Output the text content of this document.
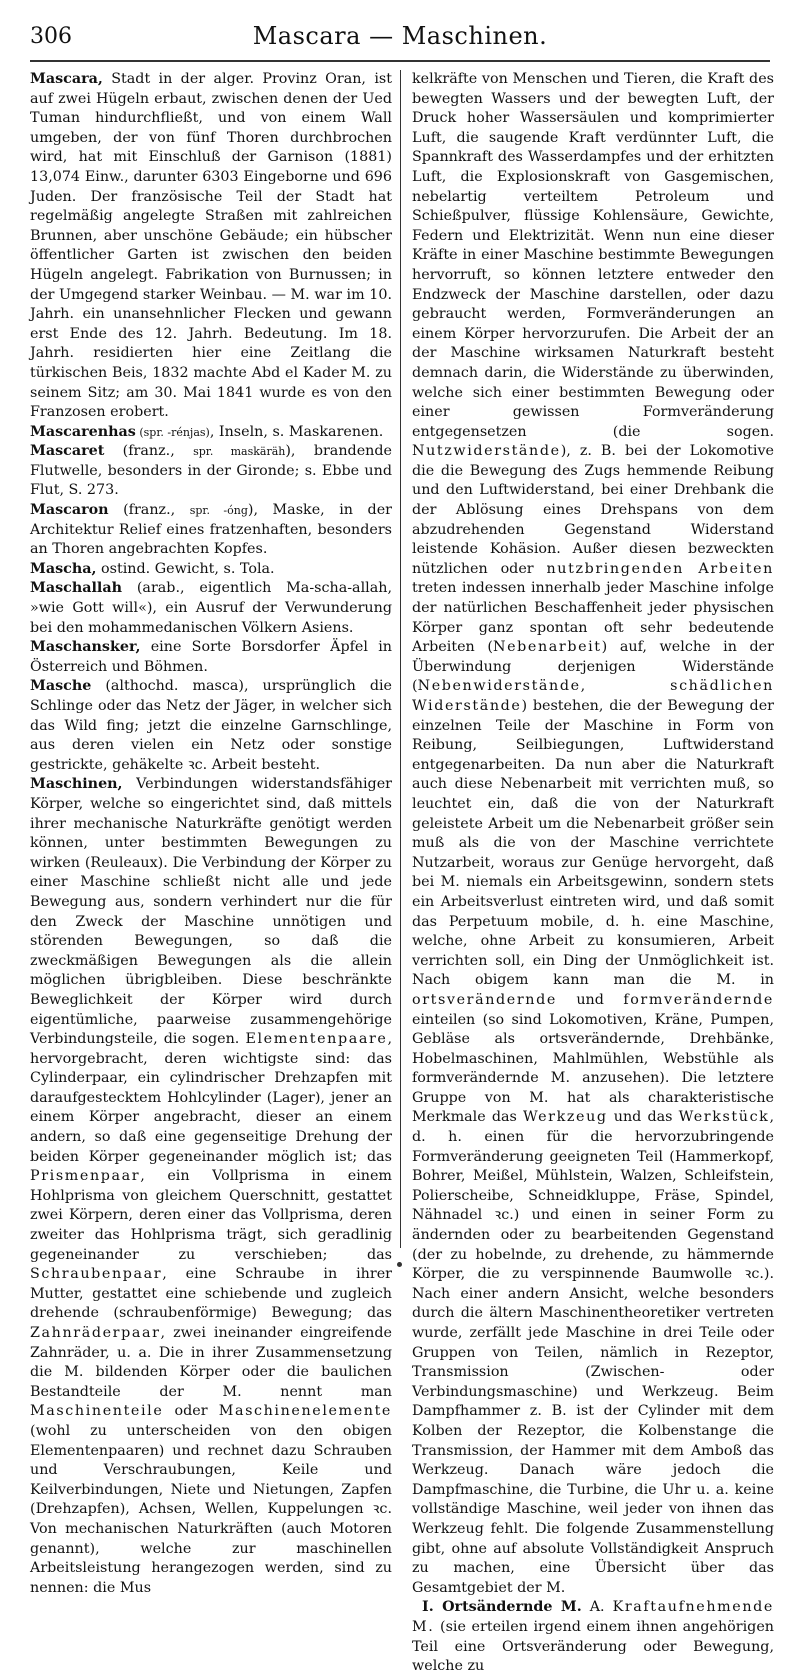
306	Mascara — Maschinen.

Mascara, Stadt in der alger. Provinz Oran, ist auf zwei Hügeln erbaut, zwischen denen der Ued Tuman hindurchfließt, und von einem Wall umgeben, der von fünf Thoren durchbrochen wird, hat mit Einschluß der Garnison (1881) 13,074 Einw., darunter 6303 Eingeborne und 696 Juden. Der französische Teil der Stadt hat regelmäßig angelegte Straßen mit zahlreichen Brunnen, aber unschöne Gebäude; ein hübscher öffentlicher Garten ist zwischen den beiden Hügeln angelegt. Fabrikation von Burnussen; in der Umgegend starker Weinbau. — M. war im 10. Jahrh. ein unansehnlicher Flecken und gewann erst Ende des 12. Jahrh. Bedeutung. Im 18. Jahrh. residierten hier eine Zeitlang die türkischen Beis, 1832 machte Abd el Kader M. zu seinem Sitz; am 30. Mai 1841 wurde es von den Franzosen erobert.

Mascarenhas (spr. -rénjas), Inseln, s. Maskarenen.

Mascaret (franz., spr. maskäräh), brandende Flutwelle, besonders in der Gironde; s. Ebbe und Flut, S. 273.

Mascaron (franz., spr. -óng), Maske, in der Architektur Relief eines fratzenhaften, besonders an Thoren angebrachten Kopfes.

Mascha, ostind. Gewicht, s. Tola.

Maschallah (arab., eigentlich Ma-scha-allah, »wie Gott will«), ein Ausruf der Verwunderung bei den mohammedanischen Völkern Asiens.

Maschansker, eine Sorte Borsdorfer Äpfel in Österreich und Böhmen.

Masche (althochd. masca), ursprünglich die Schlinge oder das Netz der Jäger, in welcher sich das Wild fing; jetzt die einzelne Garnschlinge, aus deren vielen ein Netz oder sonstige gestrickte, gehäkelte ꝛc. Arbeit besteht.

Maschinen, Verbindungen widerstandsfähiger Körper, welche so eingerichtet sind, daß mittels ihrer mechanische Naturkräfte genötigt werden können, unter bestimmten Bewegungen zu wirken (Reuleaux). Die Verbindung der Körper zu einer Maschine schließt nicht alle und jede Bewegung aus, sondern verhindert nur die für den Zweck der Maschine unnötigen und störenden Bewegungen, so daß die zweckmäßigen Bewegungen als die allein möglichen übrigbleiben. Diese beschränkte Beweglichkeit der Körper wird durch eigentümliche, paarweise zusammengehörige Verbindungsteile, die sogen. Elementenpaare, hervorgebracht, deren wichtigste sind: das Cylinderpaar, ein cylindrischer Drehzapfen mit daraufgestecktem Hohlcylinder (Lager), jener an einem Körper angebracht, dieser an einem andern, so daß eine gegenseitige Drehung der beiden Körper gegeneinander möglich ist; das Prismenpaar, ein Vollprisma in einem Hohlprisma von gleichem Querschnitt, gestattet zwei Körpern, deren einer das Vollprisma, deren zweiter das Hohlprisma trägt, sich geradlinig gegeneinander zu verschieben; das Schraubenpaar, eine Schraube in ihrer Mutter, gestattet eine schiebende und zugleich drehende (schraubenförmige) Bewegung; das Zahnräderpaar, zwei ineinander eingreifende Zahnräder, u. a. Die in ihrer Zusammensetzung die M. bildenden Körper oder die baulichen Bestandteile der M. nennt man Maschinenteile oder Maschinenelemente (wohl zu unterscheiden von den obigen Elementenpaaren) und rechnet dazu Schrauben und Verschraubungen, Keile und Keilverbindungen, Niete und Nietungen, Zapfen (Drehzapfen), Achsen, Wellen, Kuppelungen ꝛc. Von mechanischen Naturkräften (auch Motoren genannt), welche zur maschinellen Arbeitsleistung herangezogen werden, sind zu nennen: die Mus

kelkräfte von Menschen und Tieren, die Kraft des bewegten Wassers und der bewegten Luft, der Druck hoher Wassersäulen und komprimierter Luft, die saugende Kraft verdünnter Luft, die Spannkraft des Wasserdampfes und der erhitzten Luft, die Explosionskraft von Gasgemischen, nebelartig verteiltem Petroleum und Schießpulver, flüssige Kohlensäure, Gewichte, Federn und Elektrizität. Wenn nun eine dieser Kräfte in einer Maschine bestimmte Bewegungen hervorruft, so können letztere entweder den Endzweck der Maschine darstellen, oder dazu gebraucht werden, Formveränderungen an einem Körper hervorzurufen. Die Arbeit der an der Maschine wirksamen Naturkraft besteht demnach darin, die Widerstände zu überwinden, welche sich einer bestimmten Bewegung oder einer gewissen Formveränderung entgegensetzen (die sogen. Nutzwiderstände), z. B. bei der Lokomotive die die Bewegung des Zugs hemmende Reibung und den Luftwiderstand, bei einer Drehbank die der Ablösung eines Drehspans von dem abzudrehenden Gegenstand Widerstand leistende Kohäsion. Außer diesen bezweckten nützlichen oder nutzbringenden Arbeiten treten indessen innerhalb jeder Maschine infolge der natürlichen Beschaffenheit jeder physischen Körper ganz spontan oft sehr bedeutende Arbeiten (Nebenarbeit) auf, welche in der Überwindung derjenigen Widerstände (Nebenwiderstände, schädlichen Widerstände) bestehen, die der Bewegung der einzelnen Teile der Maschine in Form von Reibung, Seilbiegungen, Luftwiderstand entgegenarbeiten. Da nun aber die Naturkraft auch diese Nebenarbeit mit verrichten muß, so leuchtet ein, daß die von der Naturkraft geleistete Arbeit um die Nebenarbeit größer sein muß als die von der Maschine verrichtete Nutzarbeit, woraus zur Genüge hervorgeht, daß bei M. niemals ein Arbeitsgewinn, sondern stets ein Arbeitsverlust eintreten wird, und daß somit das Perpetuum mobile, d. h. eine Maschine, welche, ohne Arbeit zu konsumieren, Arbeit verrichten soll, ein Ding der Unmöglichkeit ist. Nach obigem kann man die M. in ortsverändernde und formverändernde einteilen (so sind Lokomotiven, Kräne, Pumpen, Gebläse als ortsverändernde, Drehbänke, Hobelmaschinen, Mahlmühlen, Webstühle als formverändernde M. anzusehen). Die letztere Gruppe von M. hat als charakteristische Merkmale das Werkzeug und das Werkstück, d. h. einen für die hervorzubringende Formveränderung geeigneten Teil (Hammerkopf, Bohrer, Meißel, Mühlstein, Walzen, Schleifstein, Polierscheibe, Schneidkluppe, Fräse, Spindel, Nähnadel ꝛc.) und einen in seiner Form zu ändernden oder zu bearbeitenden Gegenstand (der zu hobelnde, zu drehende, zu hämmernde Körper, die zu verspinnende Baumwolle ꝛc.). Nach einer andern Ansicht, welche besonders durch die ältern Maschinentheoretiker vertreten wurde, zerfällt jede Maschine in drei Teile oder Gruppen von Teilen, nämlich in Rezeptor, Transmission (Zwischen- oder Verbindungsmaschine) und Werkzeug. Beim Dampfhammer z. B. ist der Cylinder mit dem Kolben der Rezeptor, die Kolbenstange die Transmission, der Hammer mit dem Amboß das Werkzeug. Danach wäre jedoch die Dampfmaschine, die Turbine, die Uhr u. a. keine vollständige Maschine, weil jeder von ihnen das Werkzeug fehlt. Die folgende Zusammenstellung gibt, ohne auf absolute Vollständigkeit Anspruch zu machen, eine Übersicht über das Gesamtgebiet der M.

I. Ortsändernde M. A. Kraftaufnehmende M. (sie erteilen irgend einem ihnen angehörigen Teil eine Ortsveränderung oder Bewegung, welche zu
